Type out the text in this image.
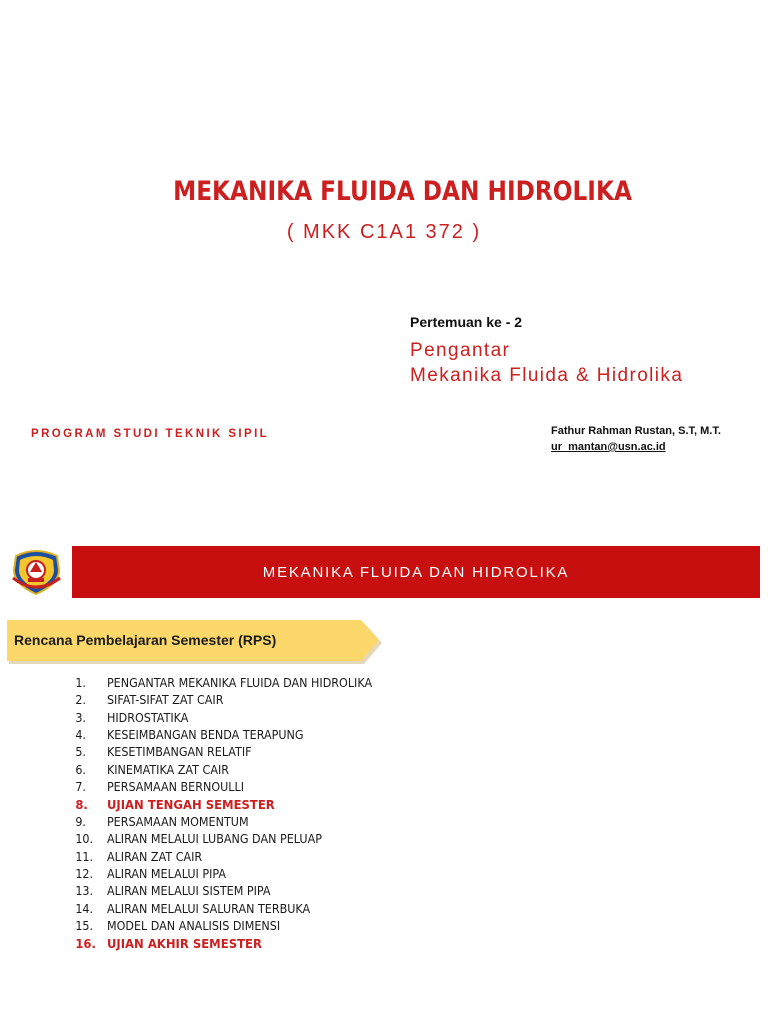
MEKANIKA FLUIDA DAN HIDROLIKA
( MKK C1A1 372 )
Pertemuan ke - 2
Pengantar
Mekanika Fluida & Hidrolika
PROGRAM STUDI TEKNIK SIPIL	Fathur Rahman Rustan, S.T, M.T.
ur_mantan@usn.ac.id
MEKANIKA FLUIDA DAN HIDROLIKA
Rencana Pembelajaran Semester (RPS)
1.	PENGANTAR MEKANIKA FLUIDA DAN HIDROLIKA
2.	SIFAT-SIFAT ZAT CAIR
3.	HIDROSTATIKA
4.	KESEIMBANGAN BENDA TERAPUNG
5.	KESETIMBANGAN RELATIF
6.	KINEMATIKA ZAT CAIR
7.	PERSAMAAN BERNOULLI
8.	UJIAN TENGAH SEMESTER
9.	PERSAMAAN MOMENTUM
10.	ALIRAN MELALUI LUBANG DAN PELUAP
11.	ALIRAN ZAT CAIR
12.	ALIRAN MELALUI PIPA
13.	ALIRAN MELALUI SISTEM PIPA
14.	ALIRAN MELALUI SALURAN TERBUKA
15.	MODEL DAN ANALISIS DIMENSI
16. UJIAN AKHIR SEMESTER
